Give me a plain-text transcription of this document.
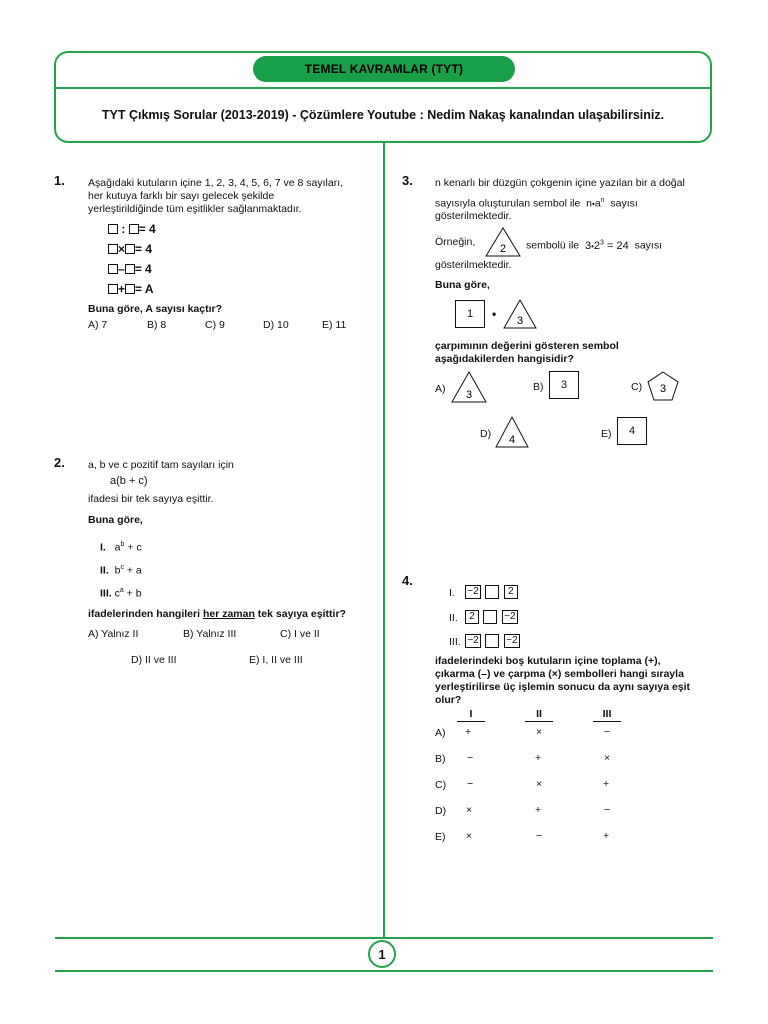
TEMEL KAVRAMLAR (TYT)
TYT Çıkmış Sorular (2013-2019) - Çözümlere Youtube : Nedim Nakaş kanalından ulaşabilirsiniz.
1. Aşağıdaki kutuların içine 1, 2, 3, 4, 5, 6, 7 ve 8 sayıları,
her kutuya farklı bir sayı gelecek şekilde
yerleştirildiğinde tüm eşitlikler sağlanmaktadır.
: = 4
× = 4
– = 4
+ = A
Buna göre, A sayısı kaçtır?
A) 7	B) 8	C) 9	D) 10	E) 11
2. a, b ve c pozitif tam sayıları için
a(b + c)
ifadesi bir tek sayıya eşittir.
Buna göre,
I. $a^b + c$
II. $b^c + a$
III. $c^a + b$
ifadelerinden hangileri her zaman tek sayıya eşittir?
A) Yalnız II	B) Yalnız III	C) I ve II
D) II ve III	E) I, II ve III
3. n kenarlı bir düzgün çokgenin içine yazılan bir a doğal
sayısıyla oluşturulan sembol ile $n•a^n$ sayısı
gösterilmektedir.
Örneğin,
2 sembolü ile $3•2^3 = 24$ sayısı
gösterilmektedir.
Buna göre,
1	• 3
çarpımının değerini gösteren sembol
aşağıdakilerden hangisidir?
A) 3
B)	3	C) 3
D) 4	E)	4
4.
I. −2	2
II. 2	−2
III. −2	−2
ifadelerindeki boş kutuların içine toplama (+),
çıkarma (–) ve çarpma (×) sembolleri hangi sırayla
yerleştirilirse üç işlemin sonucu da aynı sayıya eşit
olur?
I	II	III
A) +	×	−
B) −	+	×
C) −	×	+
D) ×	+	−
E) ×	−	+
1
